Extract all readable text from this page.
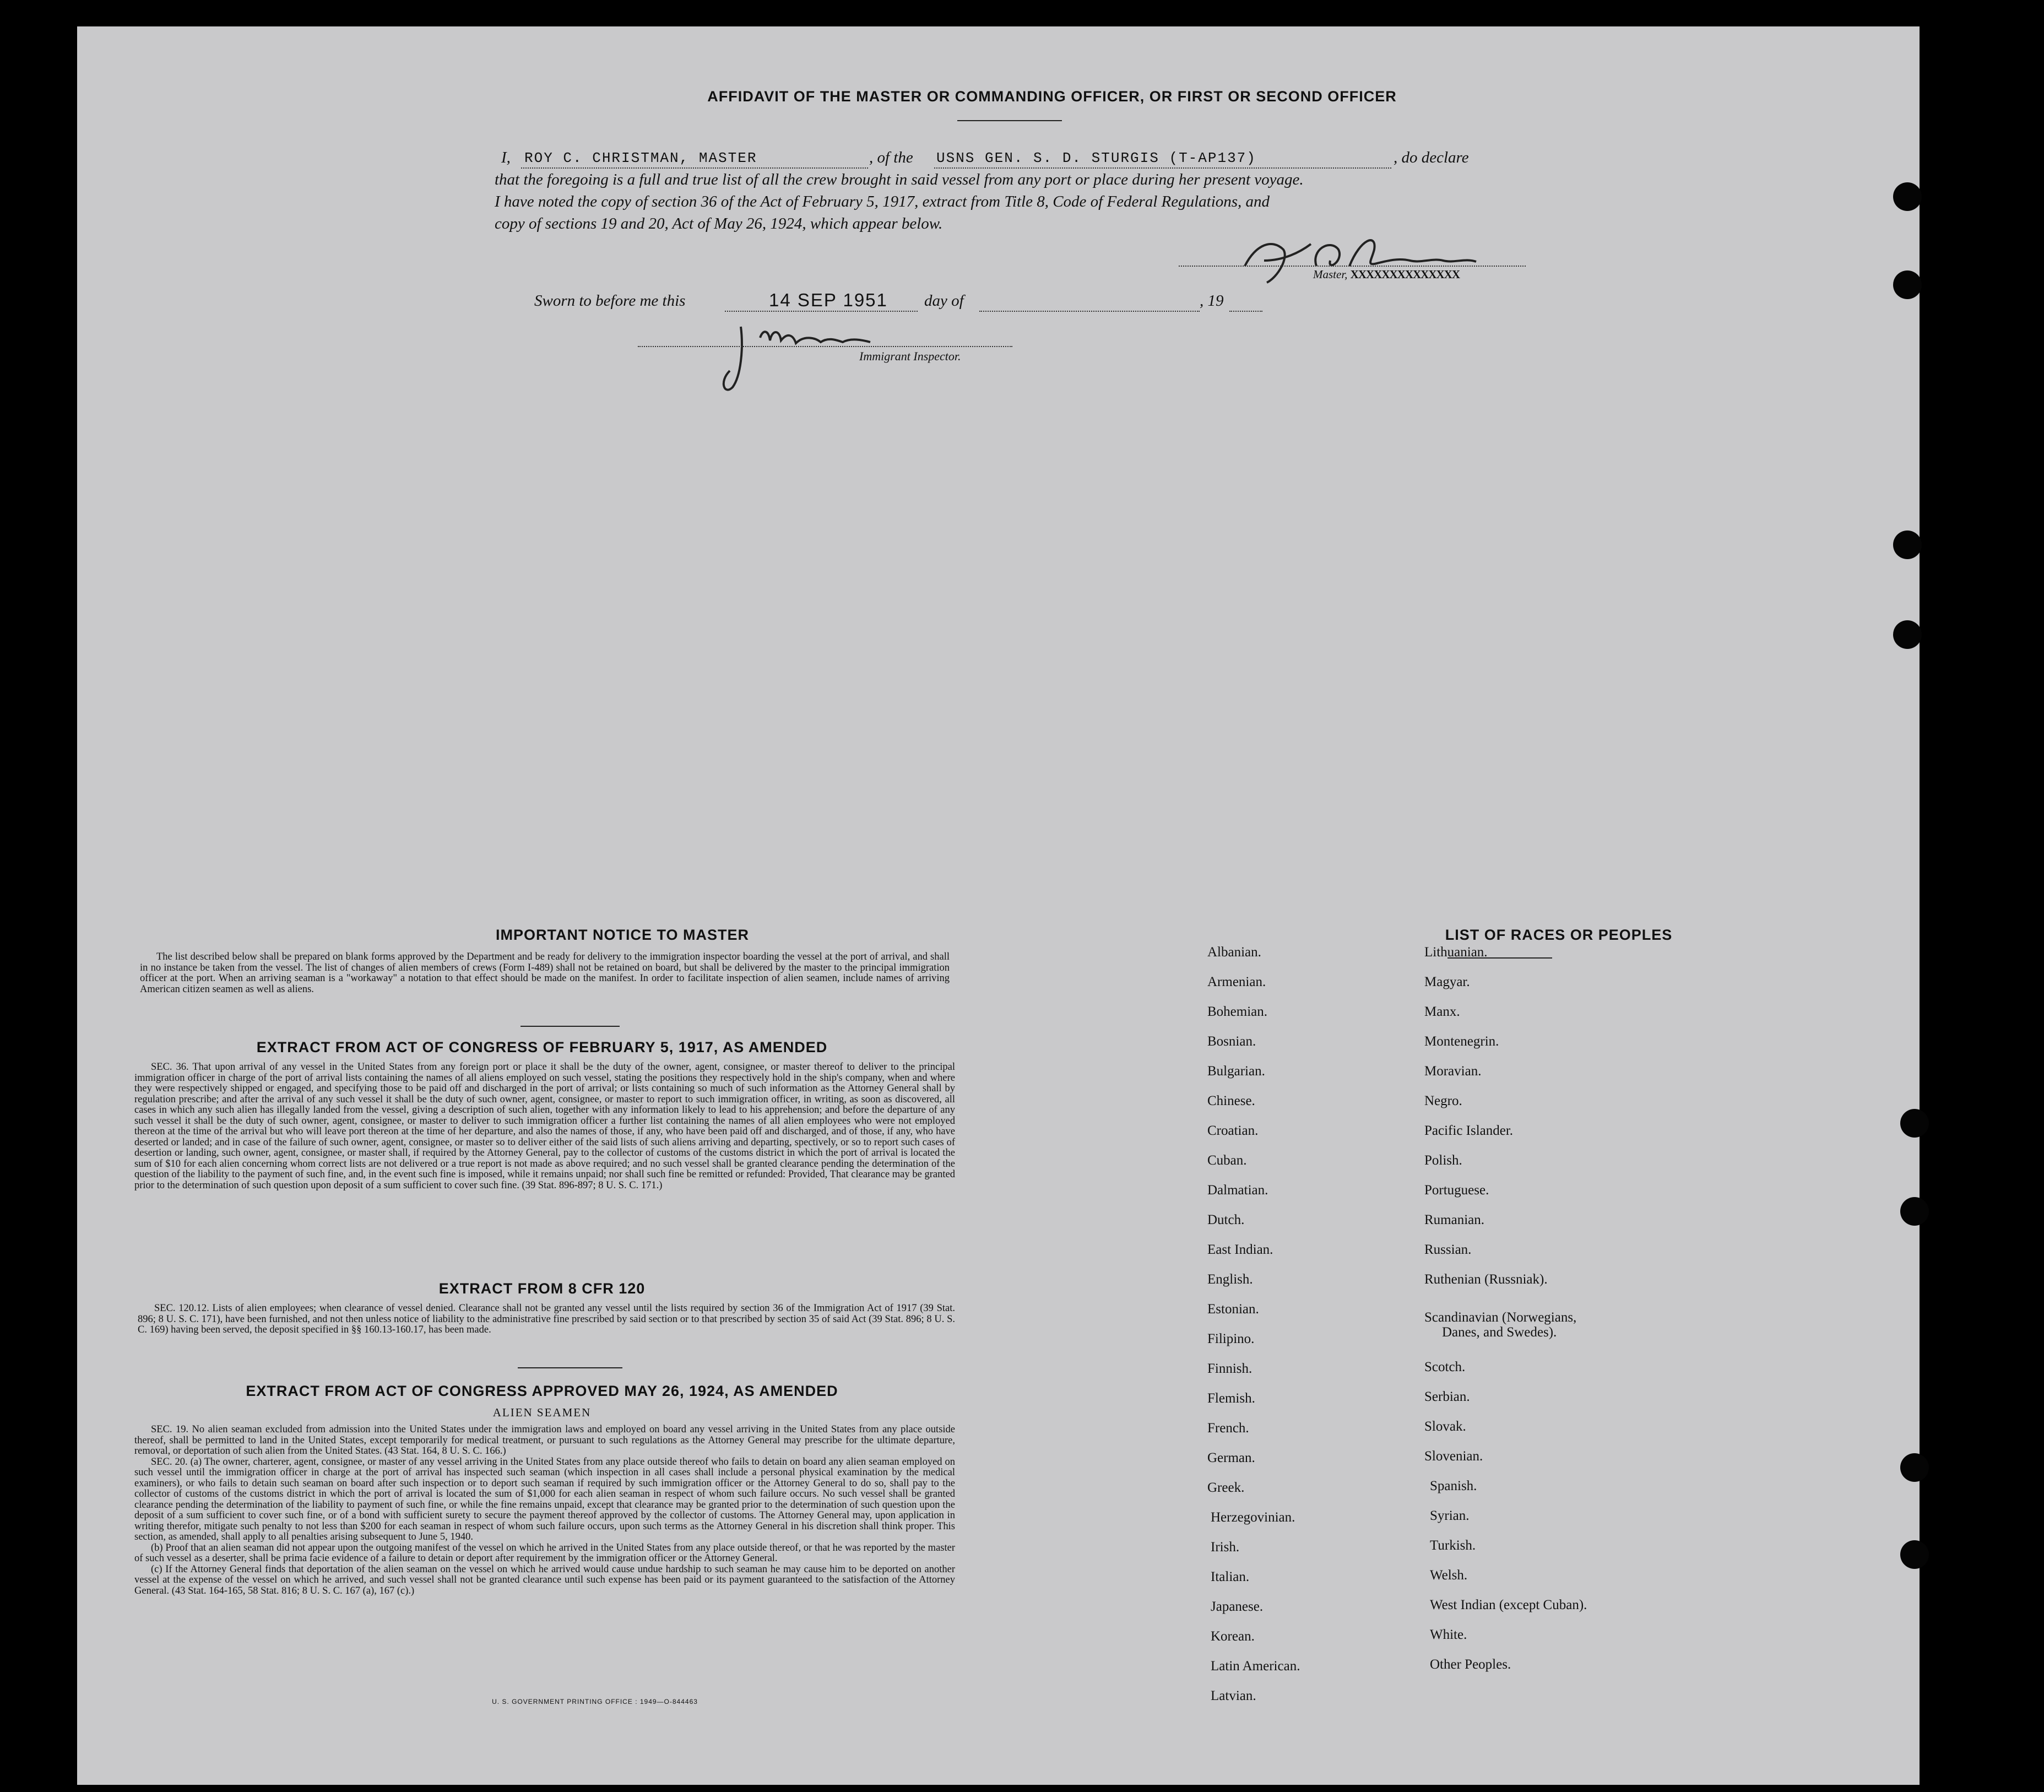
AFFIDAVIT OF THE MASTER OR COMMANDING OFFICER, OR FIRST OR SECOND OFFICER
I, ROY C. CHRISTMAN, MASTER	, of the USNS GEN. S. D. STURGIS (T-AP137)	, do declare
that the foregoing is a full and true list of all the crew brought in said vessel from any port or place during her present voyage.
I have noted the copy of section 36 of the Act of February 5, 1917, extract from Title 8, Code of Federal Regulations, and
copy of sections 19 and 20, Act of May 26, 1924, which appear below.
Master, XXXXXXXXXXXXXX
Sworn to before me this	14 SEP 1951 day of	, 19
Immigrant Inspector.
IMPORTANT NOTICE TO MASTER
The list described below shall be prepared on blank forms approved by the Department and be ready for delivery to the immigration inspector boarding the vessel at the port of arrival, and shall in no instance be taken from the vessel. The list of changes of alien members of crews (Form I-489) shall not be retained on board, but shall be delivered by the master to the principal immigration officer at the port. When an arriving seaman is a "workaway" a notation to that effect should be made on the manifest. In order to facilitate inspection of alien seamen, include names of arriving American citizen seamen as well as aliens.
EXTRACT FROM ACT OF CONGRESS OF FEBRUARY 5, 1917, AS AMENDED
SEC. 36. That upon arrival of any vessel in the United States from any foreign port or place it shall be the duty of the owner, agent, consignee, or master thereof to deliver to the principal immigration officer in charge of the port of arrival lists containing the names of all aliens employed on such vessel, stating the positions they respectively hold in the ship's company, when and where they were respectively shipped or engaged, and specifying those to be paid off and discharged in the port of arrival; or lists containing so much of such information as the Attorney General shall by regulation prescribe; and after the arrival of any such vessel it shall be the duty of such owner, agent, consignee, or master to report to such immigration officer, in writing, as soon as discovered, all cases in which any such alien has illegally landed from the vessel, giving a description of such alien, together with any information likely to lead to his apprehension; and before the departure of any such vessel it shall be the duty of such owner, agent, consignee, or master to deliver to such immigration officer a further list containing the names of all alien employees who were not employed thereon at the time of the arrival but who will leave port thereon at the time of her departure, and also the names of those, if any, who have been paid off and discharged, and of those, if any, who have deserted or landed; and in case of the failure of such owner, agent, consignee, or master so to deliver either of the said lists of such aliens arriving and departing, spectively, or so to report such cases of desertion or landing, such owner, agent, consignee, or master shall, if required by the Attorney General, pay to the collector of customs of the customs district in which the port of arrival is located the sum of $10 for each alien concerning whom correct lists are not delivered or a true report is not made as above required; and no such vessel shall be granted clearance pending the determination of the question of the liability to the payment of such fine, and, in the event such fine is imposed, while it remains unpaid; nor shall such fine be remitted or refunded: Provided, That clearance may be granted prior to the determination of such question upon deposit of a sum sufficient to cover such fine. (39 Stat. 896-897; 8 U. S. C. 171.)
EXTRACT FROM 8 CFR 120
SEC. 120.12. Lists of alien employees; when clearance of vessel denied. Clearance shall not be granted any vessel until the lists required by section 36 of the Immigration Act of 1917 (39 Stat. 896; 8 U. S. C. 171), have been furnished, and not then unless notice of liability to the administrative fine prescribed by said section or to that prescribed by section 35 of said Act (39 Stat. 896; 8 U. S. C. 169) having been served, the deposit specified in §§ 160.13-160.17, has been made.
EXTRACT FROM ACT OF CONGRESS APPROVED MAY 26, 1924, AS AMENDED
ALIEN SEAMEN

SEC. 19. No alien seaman excluded from admission into the United States under the immigration laws and employed on board any vessel arriving in the United States from any place outside thereof, shall be permitted to land in the United States, except temporarily for medical treatment, or pursuant to such regulations as the Attorney General may prescribe for the ultimate departure, removal, or deportation of such alien from the United States. (43 Stat. 164, 8 U. S. C. 166.)

SEC. 20. (a) The owner, charterer, agent, consignee, or master of any vessel arriving in the United States from any place outside thereof who fails to detain on board any alien seaman employed on such vessel until the immigration officer in charge at the port of arrival has inspected such seaman (which inspection in all cases shall include a personal physical examination by the medical examiners), or who fails to detain such seaman on board after such inspection or to deport such seaman if required by such immigration officer or the Attorney General to do so, shall pay to the collector of customs of the customs district in which the port of arrival is located the sum of $1,000 for each alien seaman in respect of whom such failure occurs. No such vessel shall be granted clearance pending the determination of the liability to payment of such fine, or while the fine remains unpaid, except that clearance may be granted prior to the determination of such question upon the deposit of a sum sufficient to cover such fine, or of a bond with sufficient surety to secure the payment thereof approved by the collector of customs. The Attorney General may, upon application in writing therefor, mitigate such penalty to not less than $200 for each seaman in respect of whom such failure occurs, upon such terms as the Attorney General in his discretion shall think proper. This section, as amended, shall apply to all penalties arising subsequent to June 5, 1940.

(b) Proof that an alien seaman did not appear upon the outgoing manifest of the vessel on which he arrived in the United States from any place outside thereof, or that he was reported by the master of such vessel as a deserter, shall be prima facie evidence of a failure to detain or deport after requirement by the immigration officer or the Attorney General.

(c) If the Attorney General finds that deportation of the alien seaman on the vessel on which he arrived would cause undue hardship to such seaman he may cause him to be deported on another vessel at the expense of the vessel on which he arrived, and such vessel shall not be granted clearance until such expense has been paid or its payment guaranteed to the satisfaction of the Attorney General. (43 Stat. 164-165, 58 Stat. 816; 8 U. S. C. 167 (a), 167 (c).)

U. S. GOVERNMENT PRINTING OFFICE : 1949—O-844463
LIST OF RACES OR PEOPLES
Albanian.
Armenian.
Bohemian.
Bosnian.
Bulgarian.
Chinese.
Croatian.
Cuban.
Dalmatian.
Dutch.
East Indian.
English.
Estonian.
Filipino.
Finnish.
Flemish.
French.
German.
Greek.
Herzegovinian.
Irish.
Italian.
Japanese.
Korean.
Latin American.
Latvian.
Lithuanian.
Magyar.
Manx.
Montenegrin.
Moravian.
Negro.
Pacific Islander.
Polish.
Portuguese.
Rumanian.
Russian.
Ruthenian (Russniak).
Scandinavian (Norwegians,
Danes, and Swedes).
Scotch.
Serbian.
Slovak.
Slovenian.
Spanish.
Syrian.
Turkish.
Welsh.
West Indian (except Cuban).
White.
Other Peoples.
